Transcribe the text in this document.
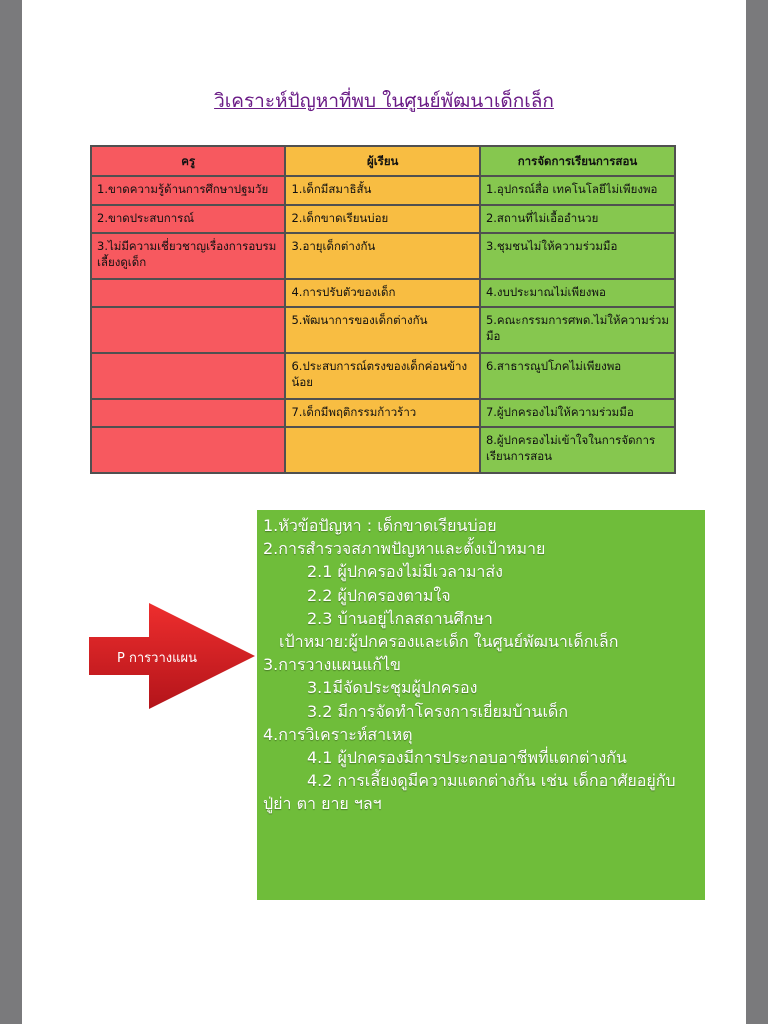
วิเคราะห์ปัญหาที่พบ ในศูนย์พัฒนาเด็กเล็ก
ครู	ผู้เรียน	การจัดการเรียนการสอน
1.ขาดความรู้ด้านการศึกษาปฐมวัย	1.เด็กมีสมาธิสั้น	1.อุปกรณ์สื่อ เทคโนโลยีไม่เพียงพอ
2.ขาดประสบการณ์	2.เด็กขาดเรียนบ่อย	2.สถานที่ไม่เอื้ออำนวย
3.ไม่มีความเชี่ยวชาญเรื่องการอบรมเลี้ยงดูเด็ก	3.อายุเด็กต่างกัน	3.ชุมชนไม่ให้ความร่วมมือ
	4.การปรับตัวของเด็ก	4.งบประมาณไม่เพียงพอ
	5.พัฒนาการของเด็กต่างกัน	5.คณะกรรมการศพด.ไม่ให้ความร่วมมือ
	6.ประสบการณ์ตรงของเด็กค่อนข้างน้อย	6.สาธารณูปโภคไม่เพียงพอ
	7.เด็กมีพฤติกรรมก้าวร้าว	7.ผู้ปกครองไม่ให้ความร่วมมือ
		8.ผู้ปกครองไม่เข้าใจในการจัดการเรียนการสอน
P การวางแผน
1.หัวข้อปัญหา : เด็กขาดเรียนบ่อย
2.การสำรวจสภาพปัญหาและตั้งเป้าหมาย
2.1 ผู้ปกครองไม่มีเวลามาส่ง
2.2 ผู้ปกครองตามใจ
2.3 บ้านอยู่ไกลสถานศึกษา
เป้าหมาย:ผู้ปกครองและเด็ก ในศูนย์พัฒนาเด็กเล็ก
3.การวางแผนแก้ไข
3.1มีจัดประชุมผู้ปกครอง
3.2 มีการจัดทำโครงการเยี่ยมบ้านเด็ก
4.การวิเคราะห์สาเหตุ
4.1 ผู้ปกครองมีการประกอบอาชีพที่แตกต่างกัน
4.2 การเลี้ยงดูมีความแตกต่างกัน เช่น เด็กอาศัยอยู่กับปู่ย่า ตา ยาย ฯลฯ
